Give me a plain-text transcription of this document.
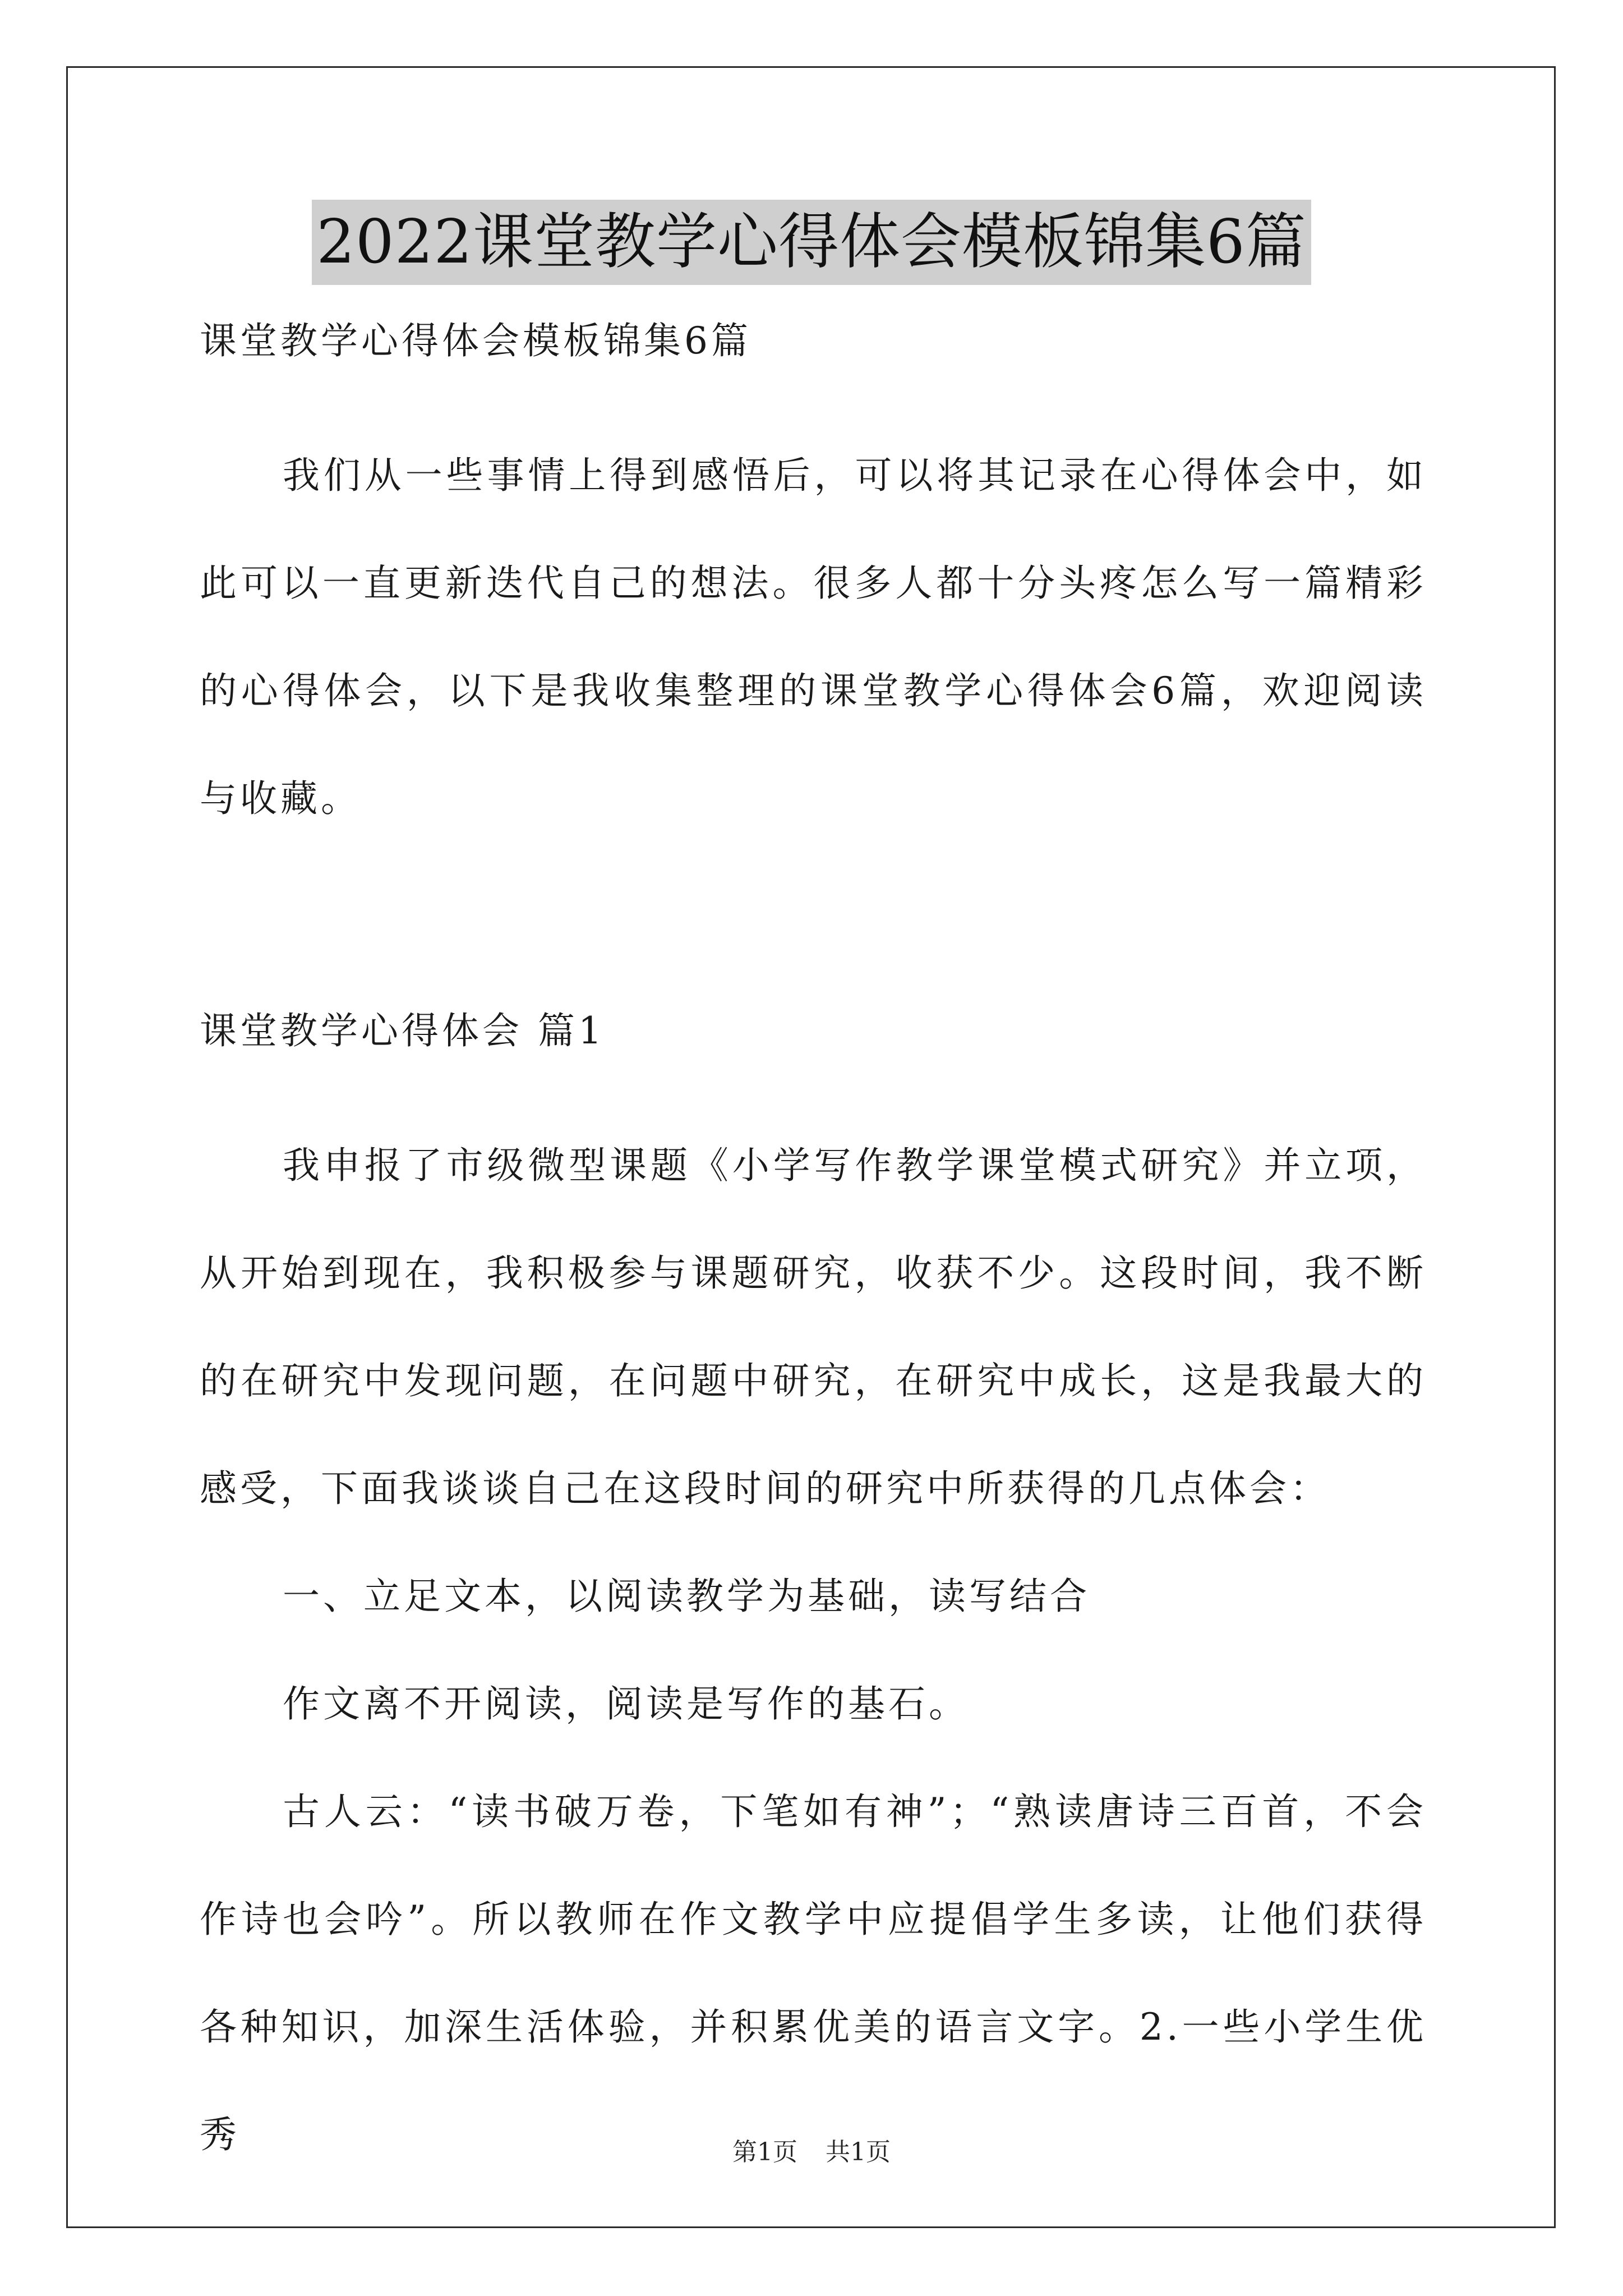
2022课堂教学心得体会模板锦集6篇

课堂教学心得体会模板锦集6篇

我们从一些事情上得到感悟后，可以将其记录在心得体会中，如此可以一直更新迭代自己的想法。很多人都十分头疼怎么写一篇精彩的心得体会，以下是我收集整理的课堂教学心得体会6篇，欢迎阅读与收藏。

课堂教学心得体会 篇1

我申报了市级微型课题《小学写作教学课堂模式研究》并立项，从开始到现在，我积极参与课题研究，收获不少。这段时间，我不断的在研究中发现问题，在问题中研究，在研究中成长，这是我最大的感受，下面我谈谈自己在这段时间的研究中所获得的几点体会：

一、立足文本，以阅读教学为基础，读写结合

作文离不开阅读，阅读是写作的基石。

古人云：“读书破万卷，下笔如有神”；“熟读唐诗三百首，不会作诗也会吟”。所以教师在作文教学中应提倡学生多读，让他们获得各种知识，加深生活体验，并积累优美的语言文字。2.一些小学生优秀	第1页 共1页
